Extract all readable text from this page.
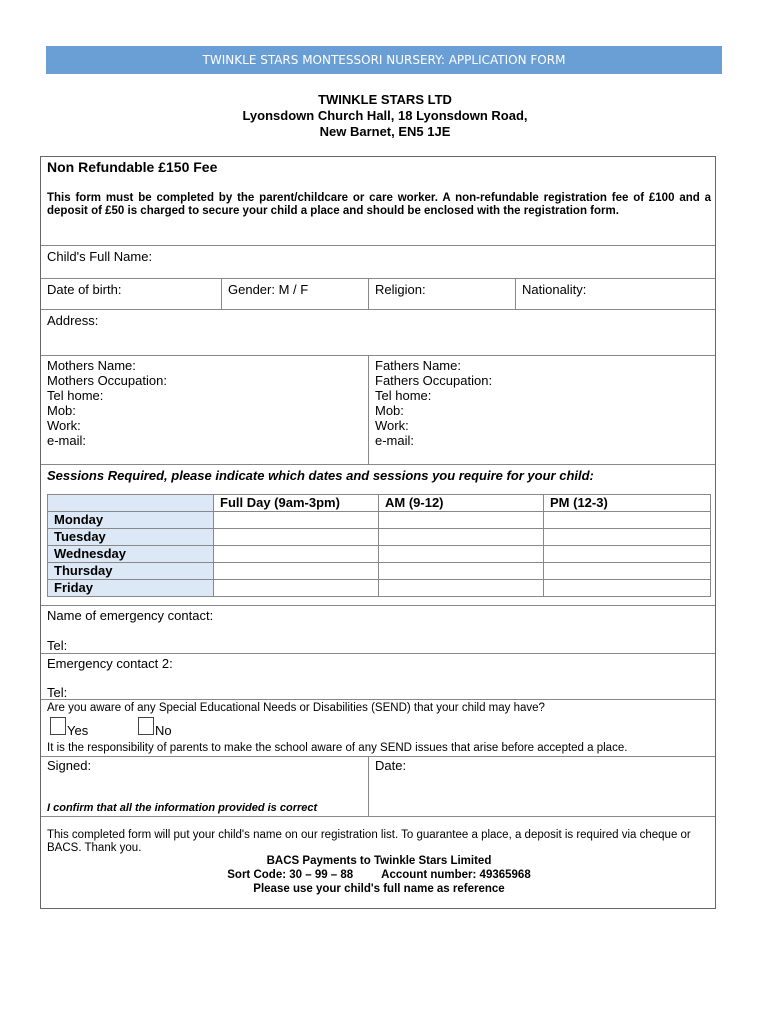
TWINKLE STARS MONTESSORI NURSERY: APPLICATION FORM
TWINKLE STARS LTD
Lyonsdown Church Hall, 18 Lyonsdown Road,
New Barnet, EN5 1JE
Non Refundable £150 Fee
This form must be completed by the parent/childcare or care worker. A non-refundable registration fee of £100 and a deposit of £50 is charged to secure your child a place and should be enclosed with the registration form.
Child's Full Name:
Date of birth:	Gender: M / F	Religion:	Nationality:
Address:
Mothers Name:
Mothers Occupation:
Tel home:
Mob:
Work:
e-mail:
Fathers Name:
Fathers Occupation:
Tel home:
Mob:
Work:
e-mail:
Sessions Required, please indicate which dates and sessions you require for your child:
	Full Day (9am-3pm)	AM (9-12)	PM (12-3)
Monday			
Tuesday			
Wednesday			
Thursday			
Friday			
Name of emergency contact:
Tel:
Emergency contact 2:
Tel:
Are you aware of any Special Educational Needs or Disabilities (SEND) that your child may have?
Yes	No
It is the responsibility of parents to make the school aware of any SEND issues that arise before accepted a place.
Signed:	Date:
I confirm that all the information provided is correct
This completed form will put your child's name on our registration list. To guarantee a place, a deposit is required via cheque or BACS. Thank you.
BACS Payments to Twinkle Stars Limited
Sort Code: 30 – 99 – 88 Account number: 49365968
Please use your child's full name as reference
